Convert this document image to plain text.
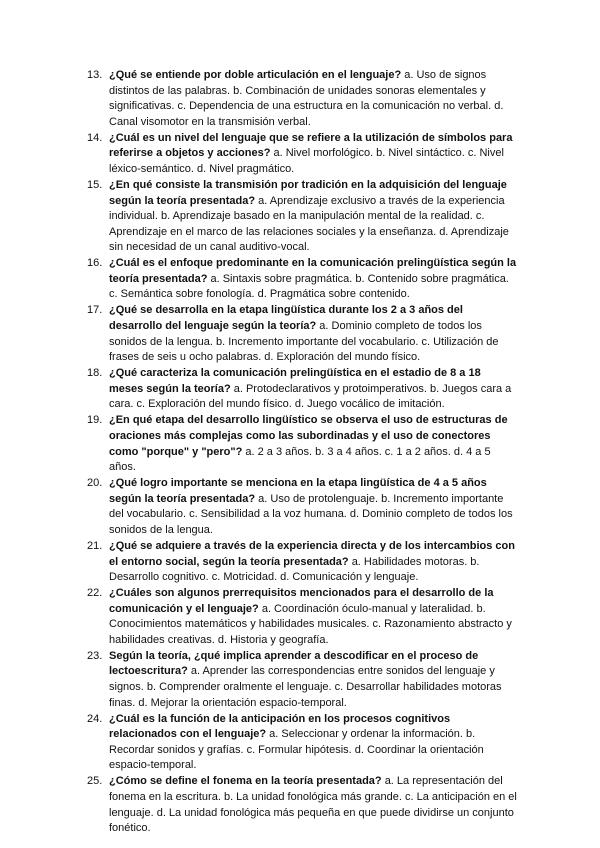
13. ¿Qué se entiende por doble articulación en el lenguaje? a. Uso de signos distintos de las palabras. b. Combinación de unidades sonoras elementales y significativas. c. Dependencia de una estructura en la comunicación no verbal. d. Canal visomotor en la transmisión verbal.
14. ¿Cuál es un nivel del lenguaje que se refiere a la utilización de símbolos para referirse a objetos y acciones? a. Nivel morfológico. b. Nivel sintáctico. c. Nivel léxico-semántico. d. Nivel pragmático.
15. ¿En qué consiste la transmisión por tradición en la adquisición del lenguaje según la teoría presentada? a. Aprendizaje exclusivo a través de la experiencia individual. b. Aprendizaje basado en la manipulación mental de la realidad. c. Aprendizaje en el marco de las relaciones sociales y la enseñanza. d. Aprendizaje sin necesidad de un canal auditivo-vocal.
16. ¿Cuál es el enfoque predominante en la comunicación prelingüística según la teoría presentada? a. Sintaxis sobre pragmática. b. Contenido sobre pragmática. c. Semántica sobre fonología. d. Pragmática sobre contenido.
17. ¿Qué se desarrolla en la etapa lingüística durante los 2 a 3 años del desarrollo del lenguaje según la teoría? a. Dominio completo de todos los sonidos de la lengua. b. Incremento importante del vocabulario. c. Utilización de frases de seis u ocho palabras. d. Exploración del mundo físico.
18. ¿Qué caracteriza la comunicación prelingüística en el estadio de 8 a 18 meses según la teoría? a. Protodeclarativos y protoimperativos. b. Juegos cara a cara. c. Exploración del mundo físico. d. Juego vocálico de imitación.
19. ¿En qué etapa del desarrollo lingüístico se observa el uso de estructuras de oraciones más complejas como las subordinadas y el uso de conectores como "porque" y "pero"? a. 2 a 3 años. b. 3 a 4 años. c. 1 a 2 años. d. 4 a 5 años.
20. ¿Qué logro importante se menciona en la etapa lingüística de 4 a 5 años según la teoría presentada? a. Uso de protolenguaje. b. Incremento importante del vocabulario. c. Sensibilidad a la voz humana. d. Dominio completo de todos los sonidos de la lengua.
21. ¿Qué se adquiere a través de la experiencia directa y de los intercambios con el entorno social, según la teoría presentada? a. Habilidades motoras. b. Desarrollo cognitivo. c. Motricidad. d. Comunicación y lenguaje.
22. ¿Cuáles son algunos prerrequisitos mencionados para el desarrollo de la comunicación y el lenguaje? a. Coordinación óculo-manual y lateralidad. b. Conocimientos matemáticos y habilidades musicales. c. Razonamiento abstracto y habilidades creativas. d. Historia y geografía.
23. Según la teoría, ¿qué implica aprender a descodificar en el proceso de lectoescritura? a. Aprender las correspondencias entre sonidos del lenguaje y signos. b. Comprender oralmente el lenguaje. c. Desarrollar habilidades motoras finas. d. Mejorar la orientación espacio-temporal.
24. ¿Cuál es la función de la anticipación en los procesos cognitivos relacionados con el lenguaje? a. Seleccionar y ordenar la información. b. Recordar sonidos y grafías. c. Formular hipótesis. d. Coordinar la orientación espacio-temporal.
25. ¿Cómo se define el fonema en la teoría presentada? a. La representación del fonema en la escritura. b. La unidad fonológica más grande. c. La anticipación en el lenguaje. d. La unidad fonológica más pequeña en que puede dividirse un conjunto fonético.
